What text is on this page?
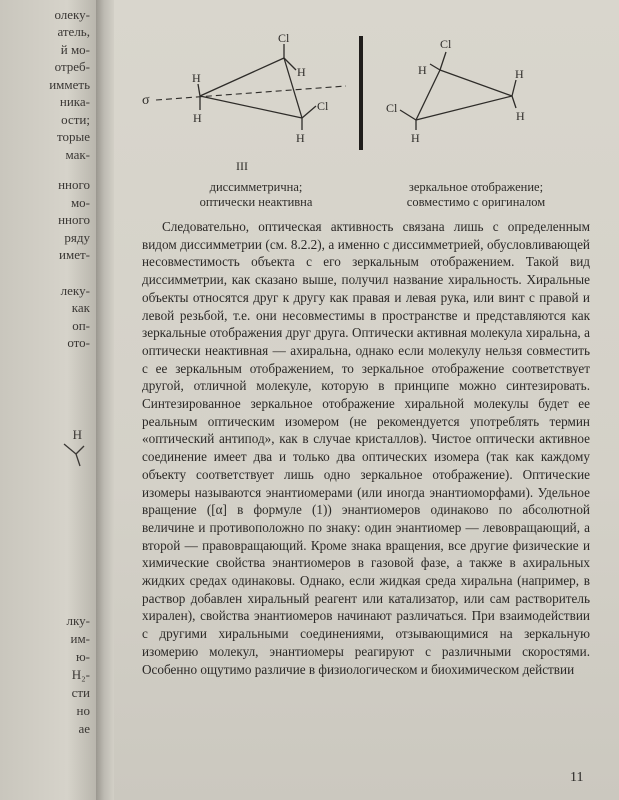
олеку-
атель,
й мо-
отреб-
имметь
ника-
ости;
торые
мак-
нного
мо-
нного
ряду
имет-
лекy-
как
оп-
ото-
H
лку-
им-
ю-
H₂-
сти
но
ае
Cl
H
H
H
Cl
H
σ
III
Cl
H	H
Cl
H
H
диссимметрична;
оптически неактивна
зеркальное отображение;
совместимо с оригиналом

Следовательно, оптическая активность связана лишь с определенным видом диссимметрии (см. 8.2.2), а именно с диссимметрией, обусловливающей несовместимость объекта с его зеркальным отображением. Такой вид диссимметрии, как сказано выше, получил название хиральность. Хиральные объекты относятся друг к другу как правая и левая рука, или винт с правой и левой резьбой, т.е. они несовместимы в пространстве и представляются как зеркальные отображения друг друга. Оптически активная молекула хиральна, а оптически неактивная — ахиральна, однако если молекулу нельзя совместить с ее зеркальным отображением, то зеркальное отображение соответствует другой, отличной молекуле, которую в принципе можно синтезировать. Синтезированное зеркальное отображение хиральной молекулы будет ее реальным оптическим изомером (не рекомендуется употреблять термин «оптический антипод», как в случае кристаллов). Чистое оптически активное соединение имеет два и только два оптических изомера (так как каждому объекту соответствует лишь одно зеркальное отображение). Оптические изомеры называются энантиомерами (или иногда энантиоморфами). Удельное вращение ([α] в формуле (1)) энантиомеров одинаково по абсолютной величине и противоположно по знаку: один энантиомер — левовращающий, а второй — правовращающий. Кроме знака вращения, все другие физические и химические свойства энантиомеров в газовой фазе, а также в ахиральных жидких средах одинаковы. Однако, если жидкая среда хиральна (например, в раствор добавлен хиральный реагент или катализатор, или сам растворитель хирален), свойства энантиомеров начинают различаться. При взаимодействии с другими хиральными соединениями, отзывающимися на зеркальную изомерию молекул, энантиомеры реагируют с различными скоростями. Особенно ощутимо различие в физиологическом и биохимическом действии

11
